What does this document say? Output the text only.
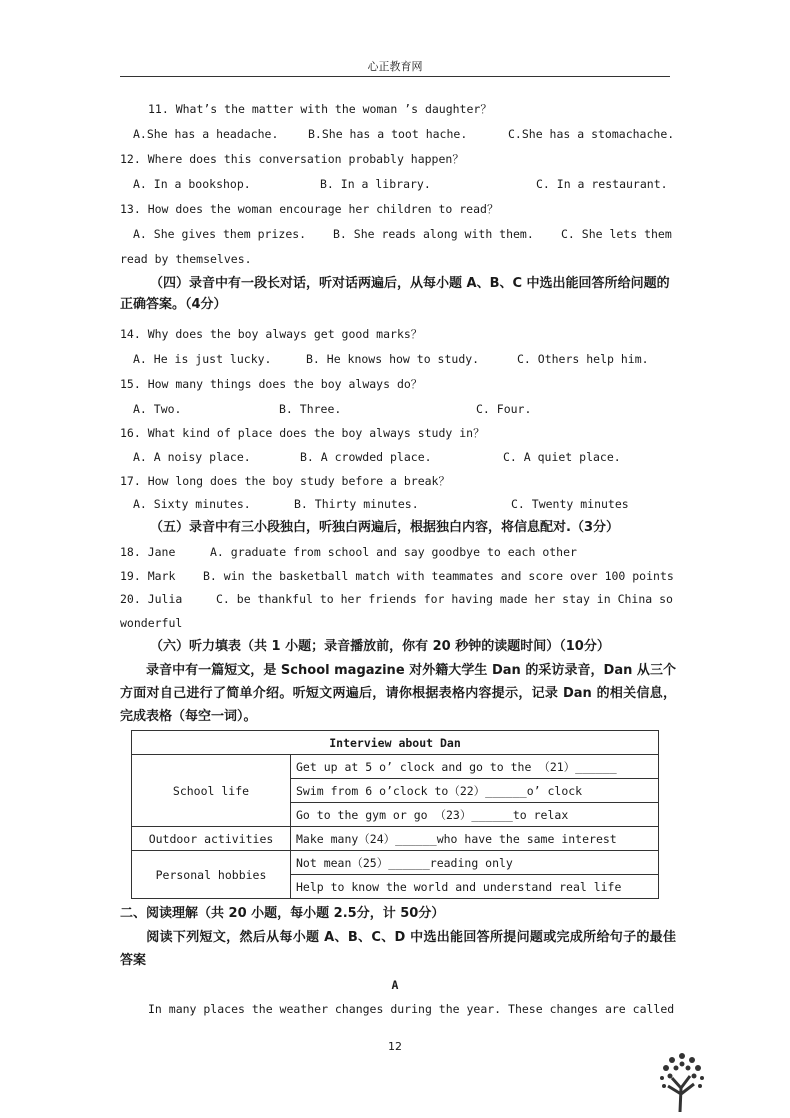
心正教育网
11. What’s the matter with the woman ’s daughter？
A.She has a headache.	B.She has a toot hache.	C.She has a stomachache.
12. Where does this conversation probably happen？
A. In a bookshop.	B. In a library.	C. In a restaurant.
13. How does the woman encourage her children to read？
A. She gives them prizes. B. She reads along with them. C. She lets them
read by themselves.
（四）录音中有一段长对话，听对话两遍后，从每小题 A、B、C 中选出能回答所给问题的正确答案。（4分）
14. Why does the boy always get good marks？
A. He is just lucky.	B. He knows how to study.	C. Others help him.
15. How many things does the boy always do？
A. Two.	B. Three.	C. Four.
16. What kind of place does the boy always study in？
A. A noisy place.	B. A crowded place.	C. A quiet place.
17. How long does the boy study before a break？
A. Sixty minutes.	B. Thirty minutes.	C. Twenty minutes
（五）录音中有三小段独白，听独白两遍后，根据独白内容，将信息配对.（3分）
18. Jane	A. graduate from school and say goodbye to each other
19. Mark B. win the basketball match with teammates and score over 100 points
20. Julia	C. be thankful to her friends for having made her stay in China so
wonderful
（六）听力填表（共 1 小题；录音播放前，你有 20 秒钟的读题时间）（10分）
录音中有一篇短文，是 School magazine 对外籍大学生 Dan 的采访录音，Dan 从三个方面对自己进行了简单介绍。听短文两遍后，请你根据表格内容提示，记录 Dan 的相关信息，完成表格（每空一词）。
Interview about Dan	
School life	Get up at 5 o’ clock and go to the （21）______
	Swim from 6 o’clock to（22）______o’ clock
	Go to the gym or go （23）______to relax
Outdoor activities	Make many（24）______who have the same interest
Personal hobbies	Not mean（25）______reading only
	Help to know the world and understand real life
二、阅读理解（共 20 小题，每小题 2.5分，计 50分）
阅读下列短文，然后从每小题 A、B、C、D 中选出能回答所提问题或完成所给句子的最佳答案
A
In many places the weather changes during the year. These changes are called
12
